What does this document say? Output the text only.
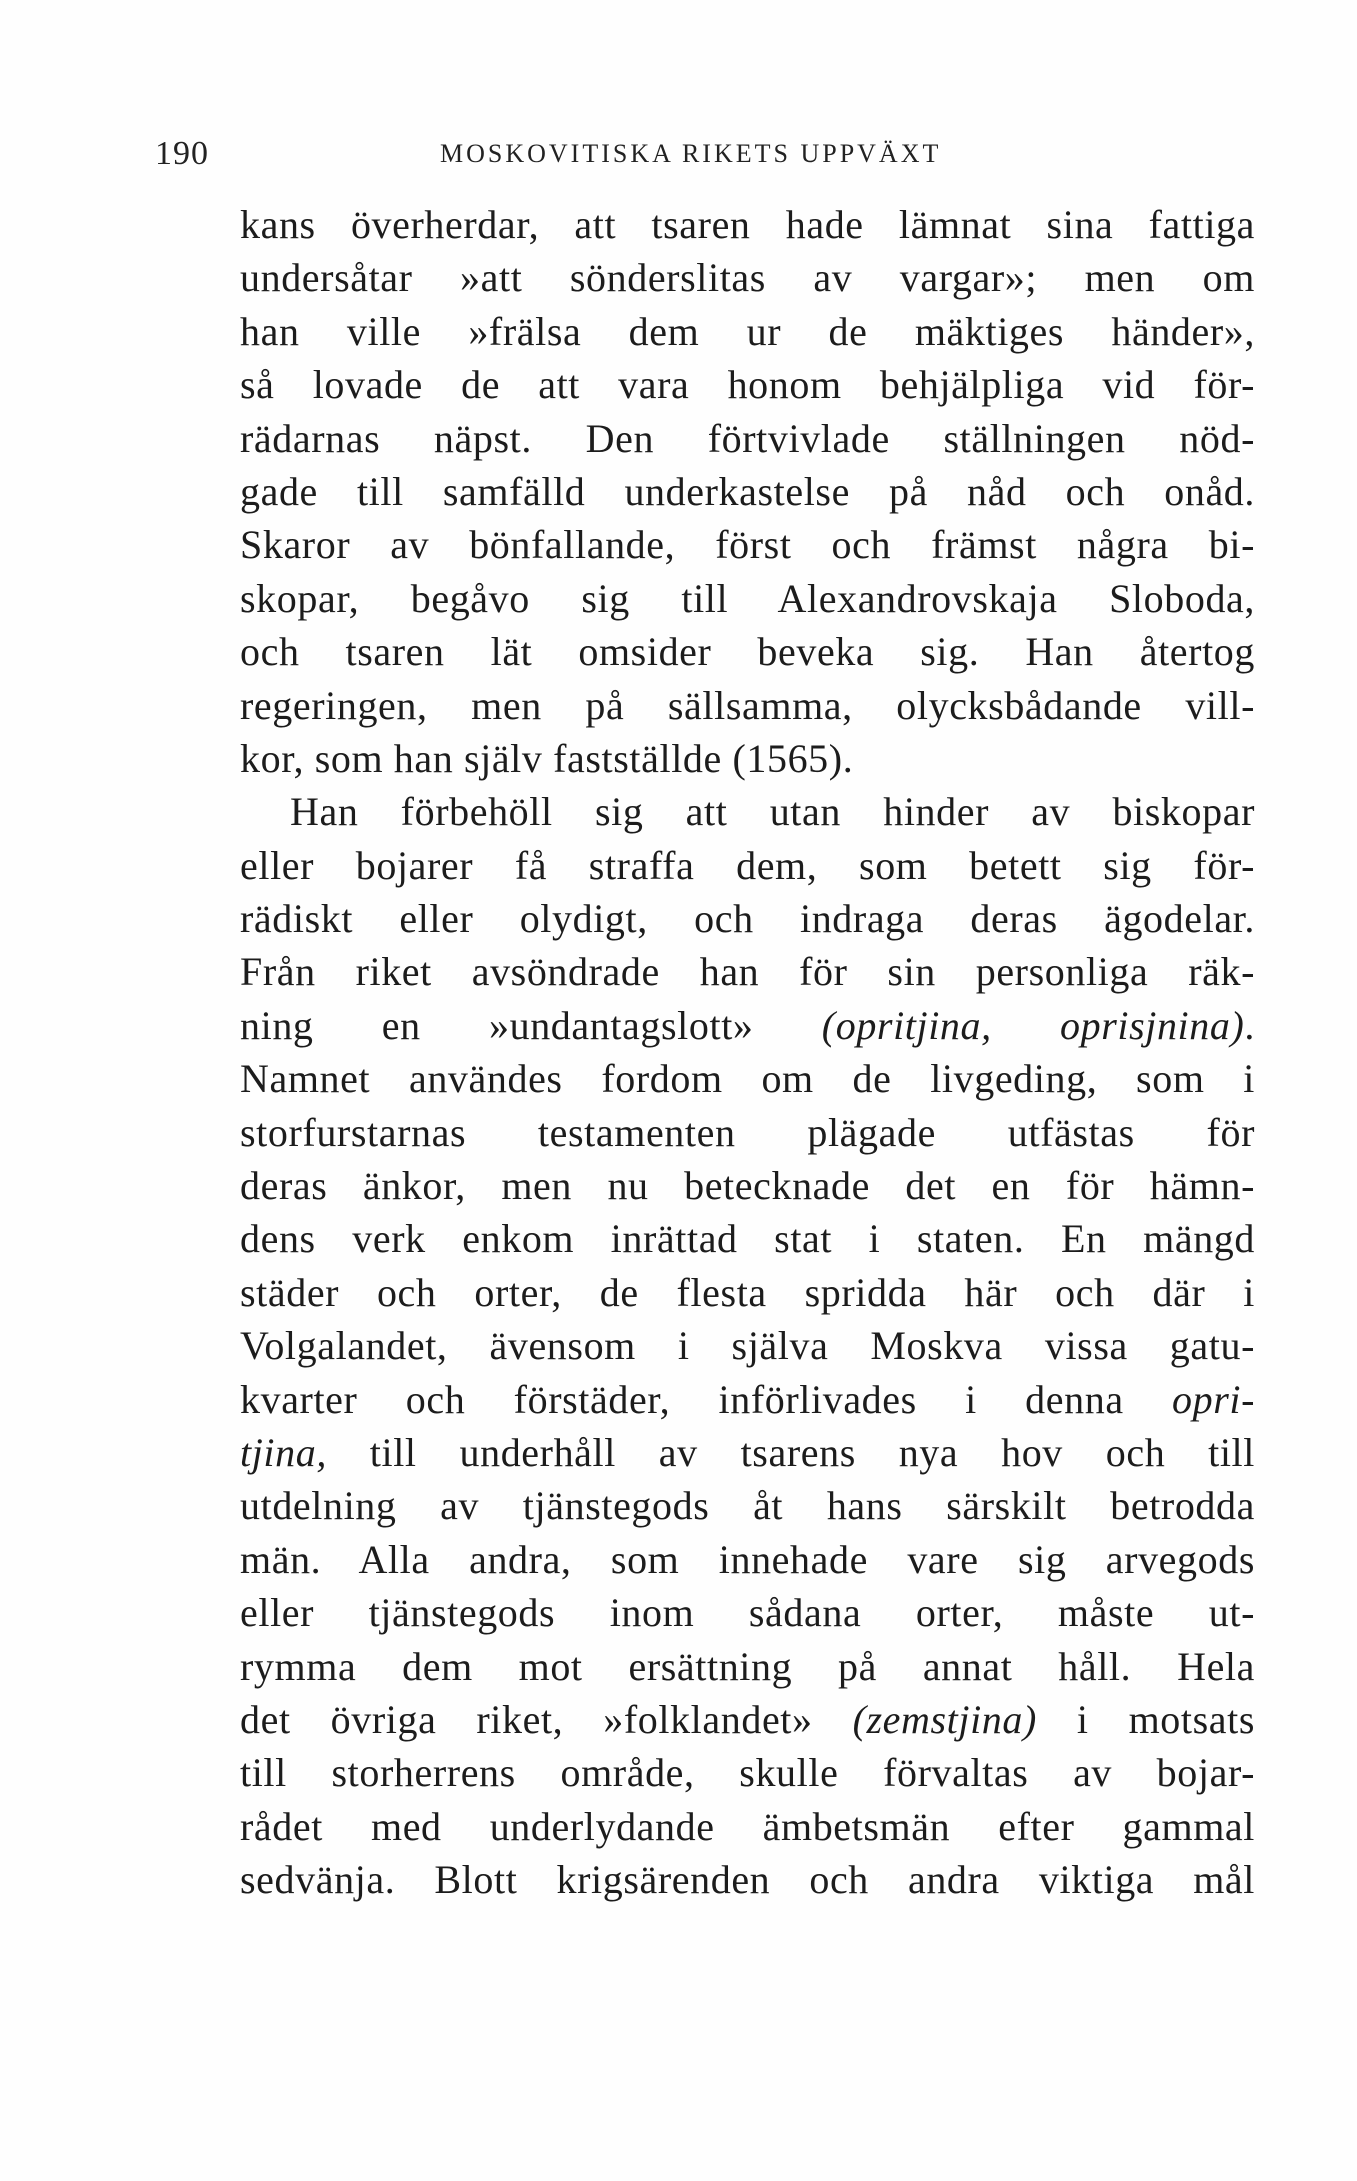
190	MOSKOVITISKA RIKETS UPPVÄXT
kans överherdar, att tsaren hade lämnat sina fattiga
undersåtar »att sönderslitas av vargar»; men om
han ville »frälsa dem ur de mäktiges händer»,
så lovade de att vara honom behjälpliga vid för-
rädarnas näpst. Den förtvivlade ställningen nöd-
gade till samfälld underkastelse på nåd och onåd.
Skaror av bönfallande, först och främst några bi-
skopar, begåvo sig till Alexandrovskaja Sloboda,
och tsaren lät omsider beveka sig. Han återtog
regeringen, men på sällsamma, olycksbådande vill-
kor, som han själv fastställde (1565).
Han förbehöll sig att utan hinder av biskopar
eller bojarer få straffa dem, som betett sig för-
rädiskt eller olydigt, och indraga deras ägodelar.
Från riket avsöndrade han för sin personliga räk-
ning en »undantagslott» (opritjina, oprisjnina).
Namnet användes fordom om de livgeding, som i
storfurstarnas testamenten plägade utfästas för
deras änkor, men nu betecknade det en för hämn-
dens verk enkom inrättad stat i staten. En mängd
städer och orter, de flesta spridda här och där i
Volgalandet, ävensom i själva Moskva vissa gatu-
kvarter och förstäder, införlivades i denna opri-
tjina, till underhåll av tsarens nya hov och till
utdelning av tjänstegods åt hans särskilt betrodda
män. Alla andra, som innehade vare sig arvegods
eller tjänstegods inom sådana orter, måste ut-
rymma dem mot ersättning på annat håll. Hela
det övriga riket, »folklandet» (zemstjina) i motsats
till storherrens område, skulle förvaltas av bojar-
rådet med underlydande ämbetsmän efter gammal
sedvänja. Blott krigsärenden och andra viktiga mål
